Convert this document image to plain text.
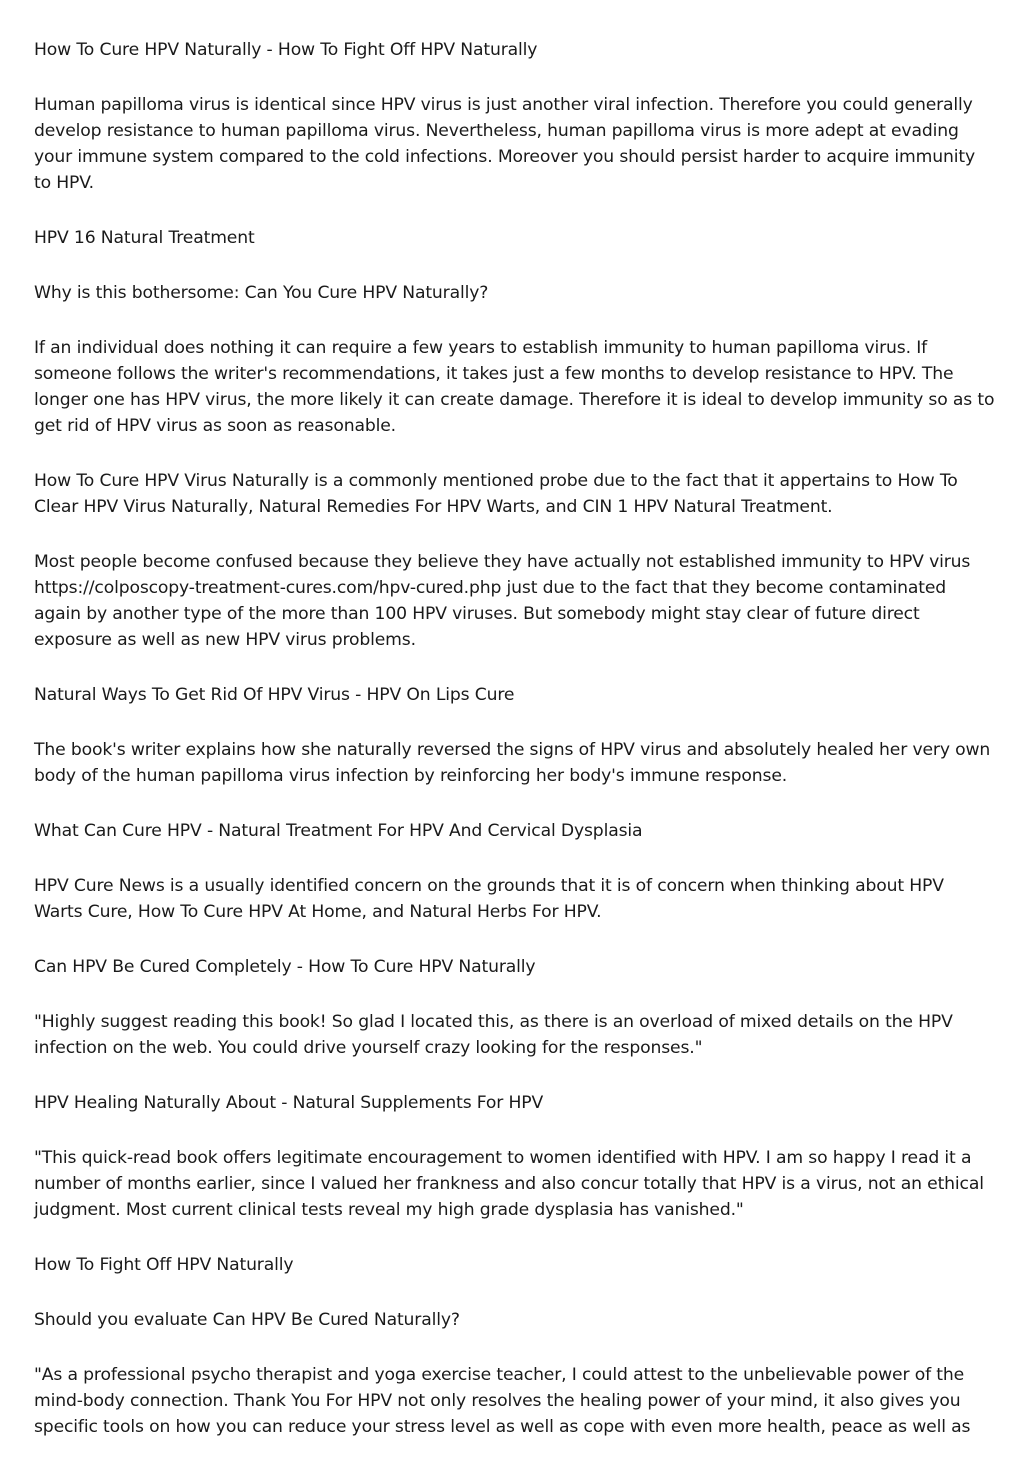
How To Cure HPV Naturally - How To Fight Off HPV Naturally

Human papilloma virus is identical since HPV virus is just another viral infection. Therefore you could generally develop resistance to human papilloma virus. Nevertheless, human papilloma virus is more adept at evading your immune system compared to the cold infections. Moreover you should persist harder to acquire immunity to HPV.

HPV 16 Natural Treatment

Why is this bothersome: Can You Cure HPV Naturally?

If an individual does nothing it can require a few years to establish immunity to human papilloma virus. If someone follows the writer's recommendations, it takes just a few months to develop resistance to HPV. The longer one has HPV virus, the more likely it can create damage. Therefore it is ideal to develop immunity so as to get rid of HPV virus as soon as reasonable.

How To Cure HPV Virus Naturally is a commonly mentioned probe due to the fact that it appertains to How To Clear HPV Virus Naturally, Natural Remedies For HPV Warts, and CIN 1 HPV Natural Treatment.

Most people become confused because they believe they have actually not established immunity to HPV virus https://colposcopy-treatment-cures.com/hpv-cured.php just due to the fact that they become contaminated again by another type of the more than 100 HPV viruses. But somebody might stay clear of future direct exposure as well as new HPV virus problems.

Natural Ways To Get Rid Of HPV Virus - HPV On Lips Cure

The book's writer explains how she naturally reversed the signs of HPV virus and absolutely healed her very own body of the human papilloma virus infection by reinforcing her body's immune response.

What Can Cure HPV - Natural Treatment For HPV And Cervical Dysplasia

HPV Cure News is a usually identified concern on the grounds that it is of concern when thinking about HPV Warts Cure, How To Cure HPV At Home, and Natural Herbs For HPV.

Can HPV Be Cured Completely - How To Cure HPV Naturally

"Highly suggest reading this book! So glad I located this, as there is an overload of mixed details on the HPV infection on the web. You could drive yourself crazy looking for the responses."

HPV Healing Naturally About - Natural Supplements For HPV

"This quick-read book offers legitimate encouragement to women identified with HPV. I am so happy I read it a number of months earlier, since I valued her frankness and also concur totally that HPV is a virus, not an ethical judgment. Most current clinical tests reveal my high grade dysplasia has vanished."

How To Fight Off HPV Naturally

Should you evaluate Can HPV Be Cured Naturally?

"As a professional psycho therapist and yoga exercise teacher, I could attest to the unbelievable power of the mind-body connection. Thank You For HPV not only resolves the healing power of your mind, it also gives you specific tools on how you can reduce your stress level as well as cope with even more health, peace as well as
